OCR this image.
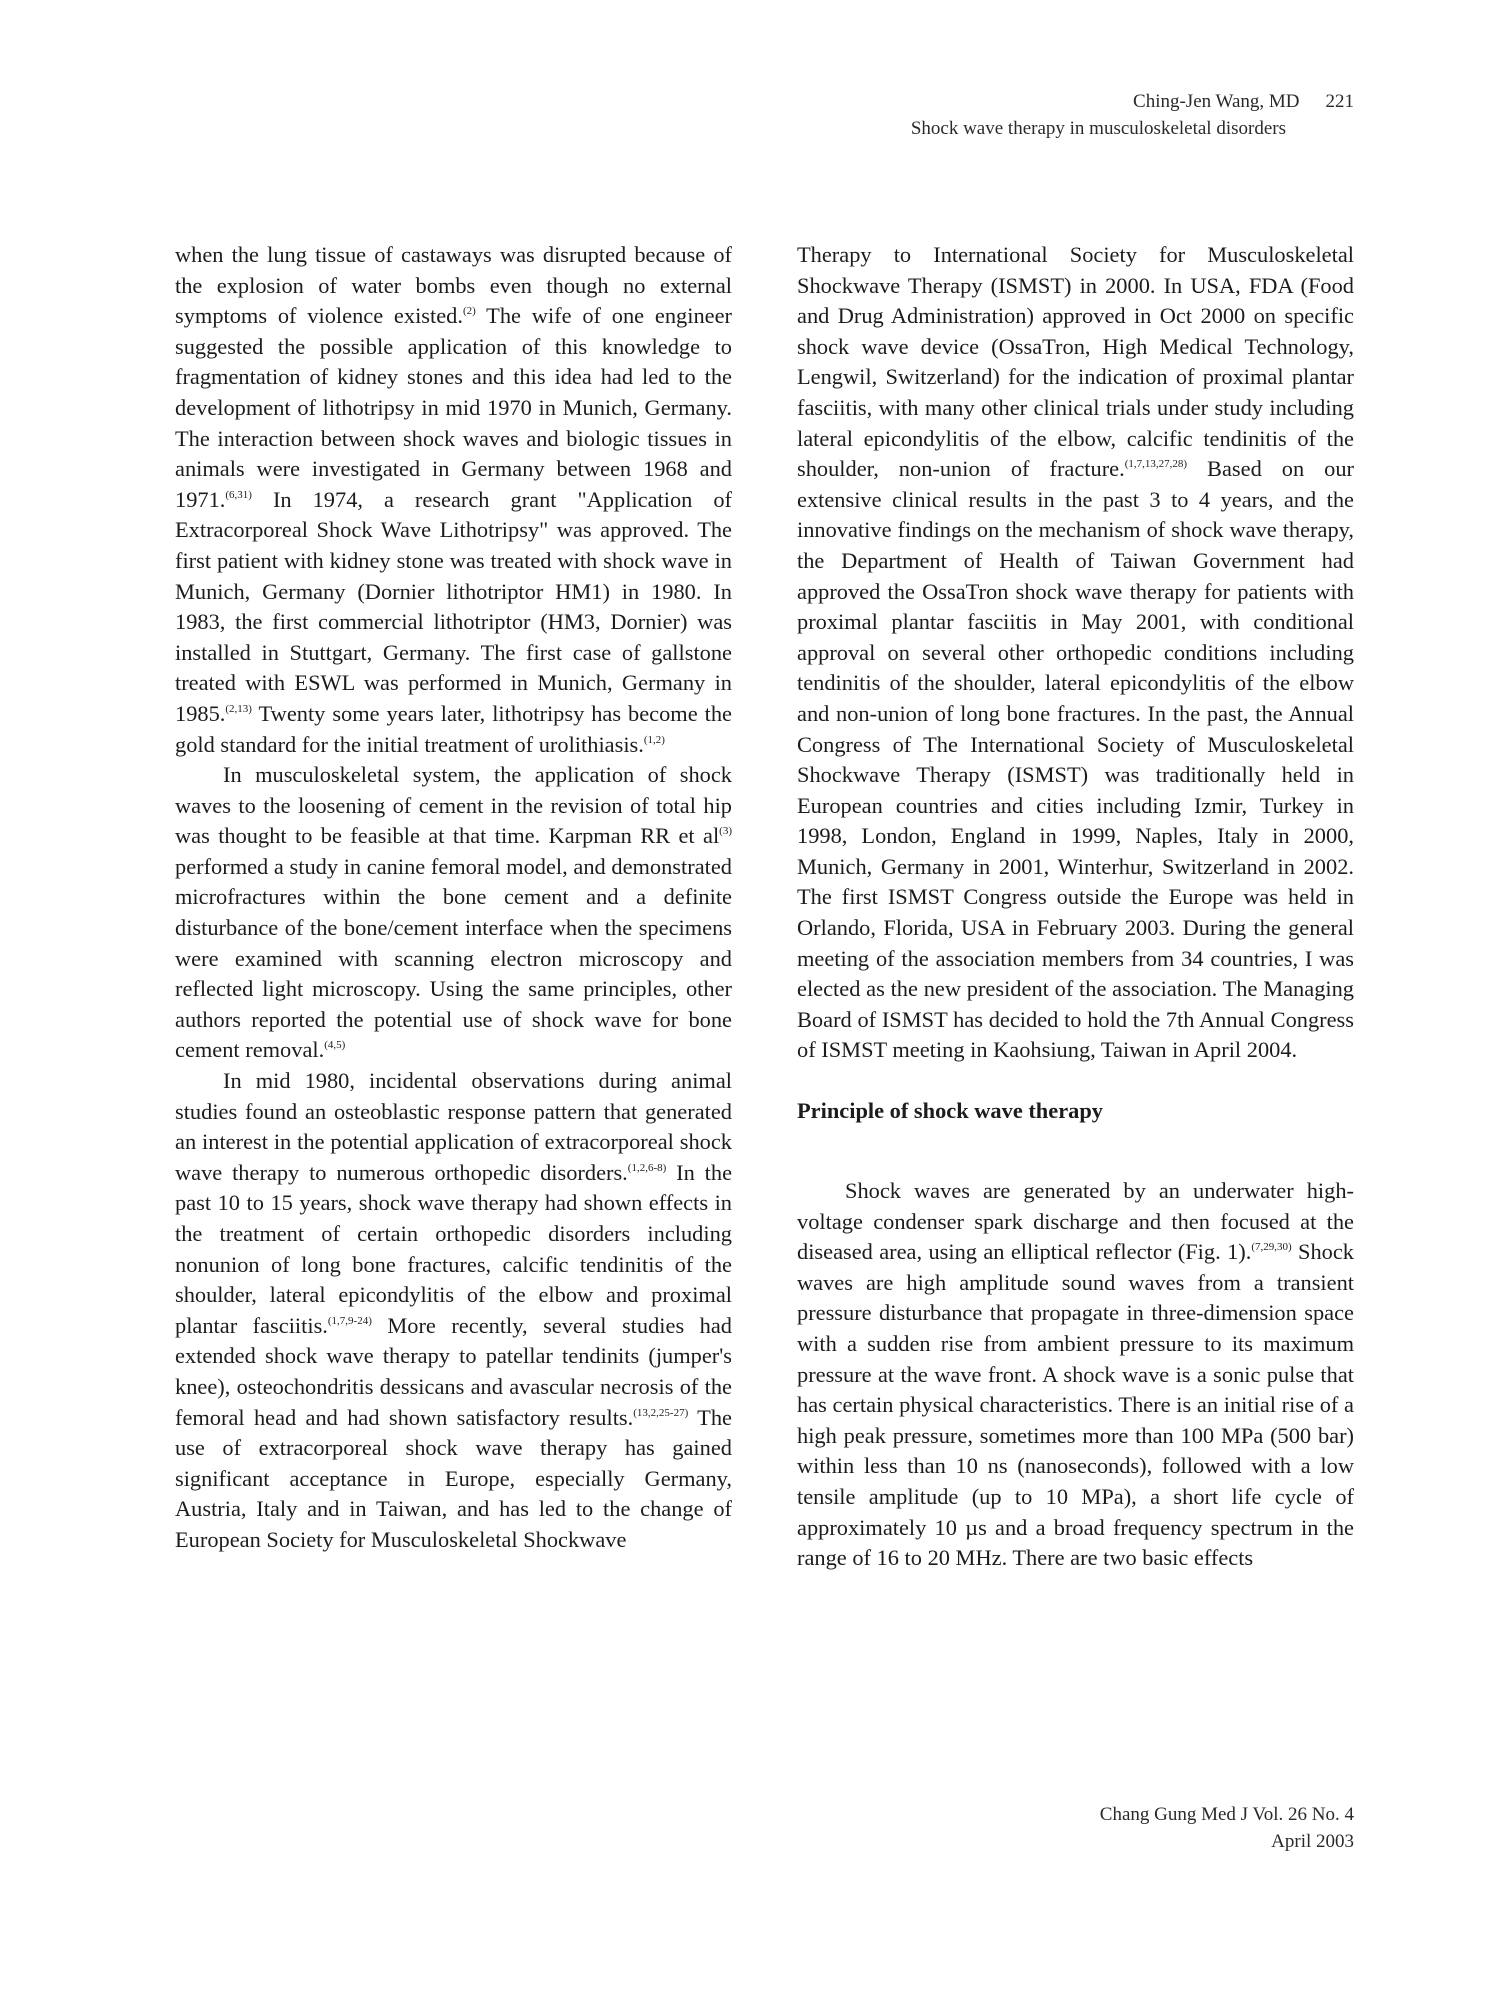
Ching-Jen Wang, MD 221
Shock wave therapy in musculoskeletal disorders

when the lung tissue of castaways was disrupted because of the explosion of water bombs even though no external symptoms of violence existed.$^{(2)}$ The wife of one engineer suggested the possible application of this knowledge to fragmentation of kidney stones and this idea had led to the development of lithotripsy in mid 1970 in Munich, Germany. The interaction between shock waves and biologic tissues in animals were investigated in Germany between 1968 and 1971.$^{(6,31)}$ In 1974, a research grant "Application of Extracorporeal Shock Wave Lithotripsy" was approved. The first patient with kidney stone was treated with shock wave in Munich, Germany (Dornier lithotriptor HM1) in 1980. In 1983, the first commercial lithotriptor (HM3, Dornier) was installed in Stuttgart, Germany. The first case of gallstone treated with ESWL was performed in Munich, Germany in 1985.$^{(2,13)}$ Twenty some years later, lithotripsy has become the gold standard for the initial treatment of urolithiasis.$^{(1,2)}$

In musculoskeletal system, the application of shock waves to the loosening of cement in the revision of total hip was thought to be feasible at that time. Karpman RR et al$^{(3)}$ performed a study in canine femoral model, and demonstrated microfractures within the bone cement and a definite disturbance of the bone/cement interface when the specimens were examined with scanning electron microscopy and reflected light microscopy. Using the same principles, other authors reported the potential use of shock wave for bone cement removal.$^{(4,5)}$

In mid 1980, incidental observations during animal studies found an osteoblastic response pattern that generated an interest in the potential application of extracorporeal shock wave therapy to numerous orthopedic disorders.$^{(1,2,6-8)}$ In the past 10 to 15 years, shock wave therapy had shown effects in the treatment of certain orthopedic disorders including nonunion of long bone fractures, calcific tendinitis of the shoulder, lateral epicondylitis of the elbow and proximal plantar fasciitis.$^{(1,7,9-24)}$ More recently, several studies had extended shock wave therapy to patellar tendinits (jumper's knee), osteochondritis dessicans and avascular necrosis of the femoral head and had shown satisfactory results.$^{(13,2,25-27)}$ The use of extracorporeal shock wave therapy has gained significant acceptance in Europe, especially Germany, Austria, Italy and in Taiwan, and has led to the change of European Society for Musculoskeletal Shockwave

Therapy to International Society for Musculoskeletal Shockwave Therapy (ISMST) in 2000. In USA, FDA (Food and Drug Administration) approved in Oct 2000 on specific shock wave device (OssaTron, High Medical Technology, Lengwil, Switzerland) for the indication of proximal plantar fasciitis, with many other clinical trials under study including lateral epicondylitis of the elbow, calcific tendinitis of the shoulder, non-union of fracture.$^{(1,7,13,27,28)}$ Based on our extensive clinical results in the past 3 to 4 years, and the innovative findings on the mechanism of shock wave therapy, the Department of Health of Taiwan Government had approved the OssaTron shock wave therapy for patients with proximal plantar fasciitis in May 2001, with conditional approval on several other orthopedic conditions including tendinitis of the shoulder, lateral epicondylitis of the elbow and non-union of long bone fractures. In the past, the Annual Congress of The International Society of Musculoskeletal Shockwave Therapy (ISMST) was traditionally held in European countries and cities including Izmir, Turkey in 1998, London, England in 1999, Naples, Italy in 2000, Munich, Germany in 2001, Winterhur, Switzerland in 2002. The first ISMST Congress outside the Europe was held in Orlando, Florida, USA in February 2003. During the general meeting of the association members from 34 countries, I was elected as the new president of the association. The Managing Board of ISMST has decided to hold the 7th Annual Congress of ISMST meeting in Kaohsiung, Taiwan in April 2004.

Principle of shock wave therapy

Shock waves are generated by an underwater high-voltage condenser spark discharge and then focused at the diseased area, using an elliptical reflector (Fig. 1).$^{(7,29,30)}$ Shock waves are high amplitude sound waves from a transient pressure disturbance that propagate in three-dimension space with a sudden rise from ambient pressure to its maximum pressure at the wave front. A shock wave is a sonic pulse that has certain physical characteristics. There is an initial rise of a high peak pressure, sometimes more than 100 MPa (500 bar) within less than 10 ns (nanoseconds), followed with a low tensile amplitude (up to 10 MPa), a short life cycle of approximately 10 µs and a broad frequency spectrum in the range of 16 to 20 MHz. There are two basic effects

Chang Gung Med J Vol. 26 No. 4
April 2003
